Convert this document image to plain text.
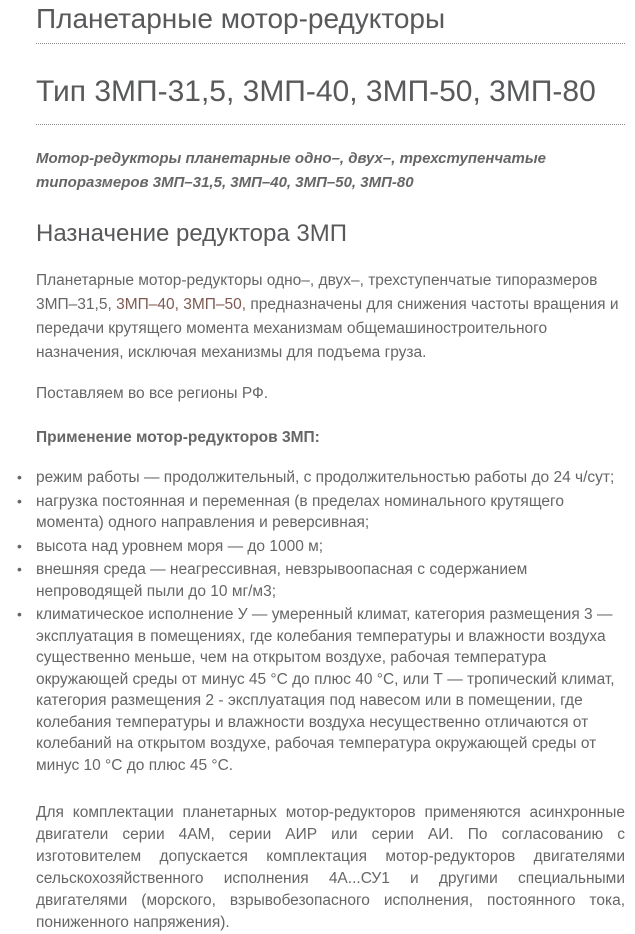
Планетарные мотор-редукторы
Тип 3МП-31,5, 3МП-40, 3МП-50, 3МП-80

Мотор-редукторы планетарные одно–, двух–, трехступенчатые типоразмеров 3МП–31,5, 3МП–40, 3МП–50, 3МП-80

Назначение редуктора 3МП

Планетарные мотор-редукторы одно–, двух–, трехступенчатые типоразмеров 3МП–31,5, 3МП–40, 3МП–50, предназначены для снижения частоты вращения и передачи крутящего момента механизмам общемашиностроительного назначения, исключая механизмы для подъема груза.

Поставляем во все регионы РФ.

Применение мотор-редукторов 3МП:

• режим работы — продолжительный, с продолжительностью работы до 24 ч/сут;
• нагрузка постоянная и переменная (в пределах номинального крутящего момента) одного направления и реверсивная;
• высота над уровнем моря — до 1000 м;
• внешняя среда — неагрессивная, невзрывоопасная с содержанием непроводящей пыли до 10 мг/м3;
• климатическое исполнение У — умеренный климат, категория размещения 3 — эксплуатация в помещениях, где колебания температуры и влажности воздуха существенно меньше, чем на открытом воздухе, рабочая температура окружающей среды от минус 45 °С до плюс 40 °С, или Т — тропический климат, категория размещения 2 - эксплуатация под навесом или в помещении, где колебания температуры и влажности воздуха несущественно отличаются от колебаний на открытом воздухе, рабочая температура окружающей среды от минус 10 °С до плюс 45 °С.

Для комплектации планетарных мотор-редукторов применяются асинхронные двигатели серии 4АМ, серии АИР или серии АИ. По согласованию с изготовителем допускается комплектация мотор-редукторов двигателями сельскохозяйственного исполнения 4А...СУ1 и другими специальными двигателями (морского, взрывобезопасного исполнения, постоянного тока, пониженного напряжения).
